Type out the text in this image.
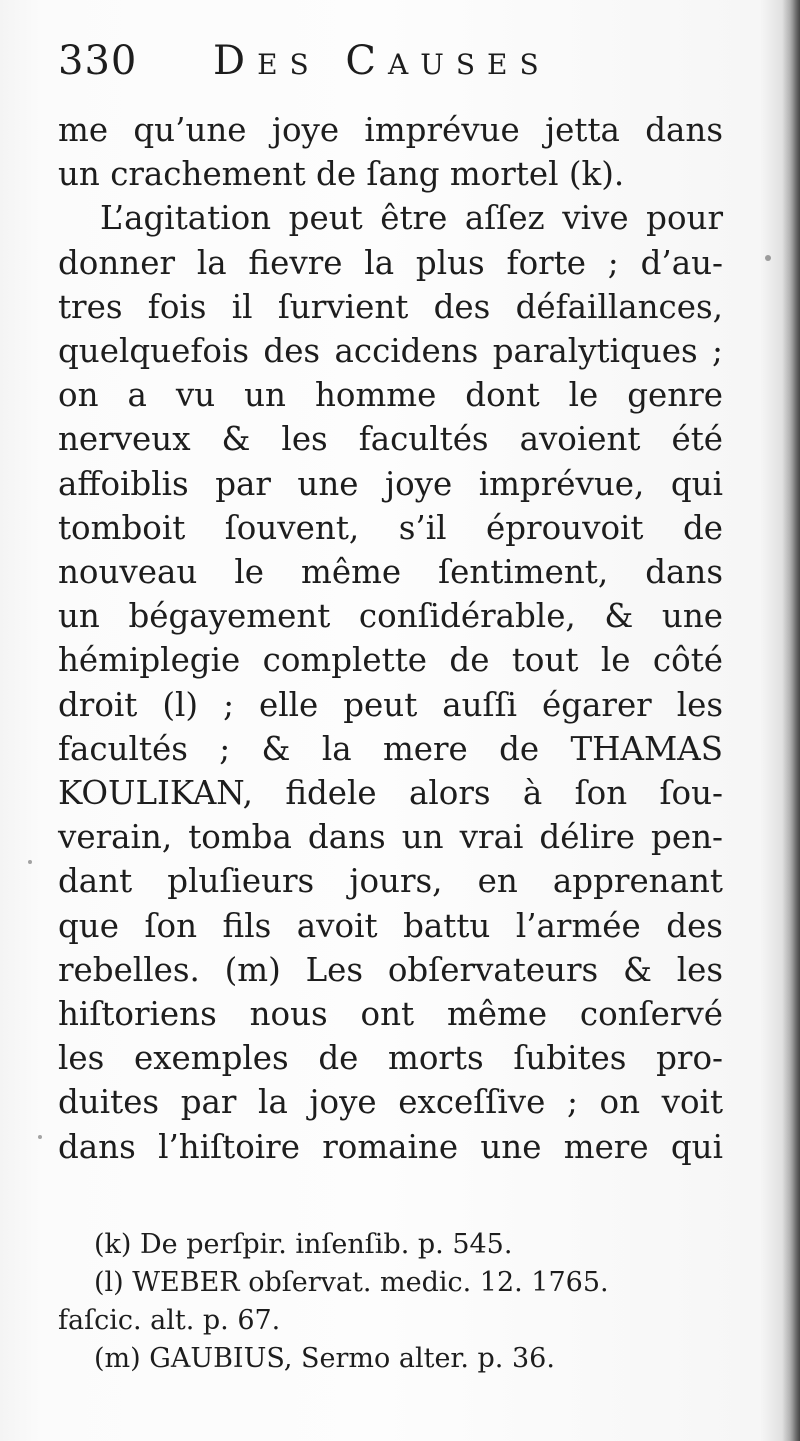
330 Des Causes
me qu’une joye imprévue jetta dans
un crachement de ſang mortel (k).
L’agitation peut être aſſez vive pour
donner la fievre la plus forte ; d’au-
tres fois il ſurvient des défaillances,
quelquefois des accidens paralytiques ;
on a vu un homme dont le genre
nerveux & les facultés avoient été
affoiblis par une joye imprévue, qui
tomboit ſouvent, s’il éprouvoit de
nouveau le même ſentiment, dans
un bégayement conſidérable, & une
hémiplegie complette de tout le côté
droit (l) ; elle peut auſſi égarer les
facultés ; & la mere de THAMAS
KOULIKAN, fidele alors à ſon ſou-
verain, tomba dans un vrai délire pen-
dant pluſieurs jours, en apprenant
que ſon fils avoit battu l’armée des
rebelles. (m) Les obſervateurs & les
hiſtoriens nous ont même conſervé
les exemples de morts ſubites pro-
duites par la joye exceſſive ; on voit
dans l’hiſtoire romaine une mere qui
(k) De perſpir. inſenſib. p. 545.
(l) WEBER obſervat. medic. 12. 1765.
faſcic. alt. p. 67.
(m) GAUBIUS, Sermo alter. p. 36.
